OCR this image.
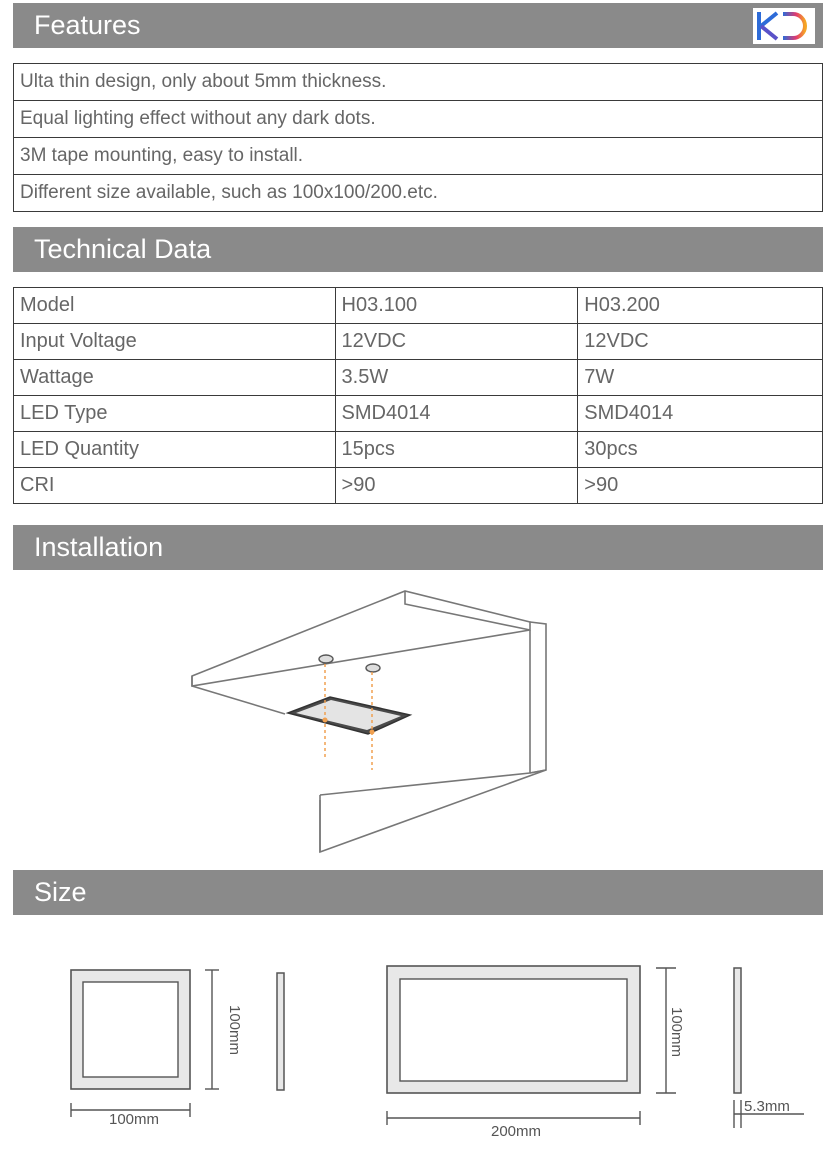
Features
Ulta thin design, only about 5mm thickness.
Equal lighting effect without any dark dots.
3M tape mounting, easy to install.
Different size available, such as 100x100/200.etc.
Technical Data
Model	H03.100	H03.200
Input Voltage	12VDC	12VDC
Wattage	3.5W	7W
LED Type	SMD4014	SMD4014
LED Quantity	15pcs	30pcs
CRI	>90	>90
Installation
Size
100mm
100mm
100mm
200mm
5.3mm
